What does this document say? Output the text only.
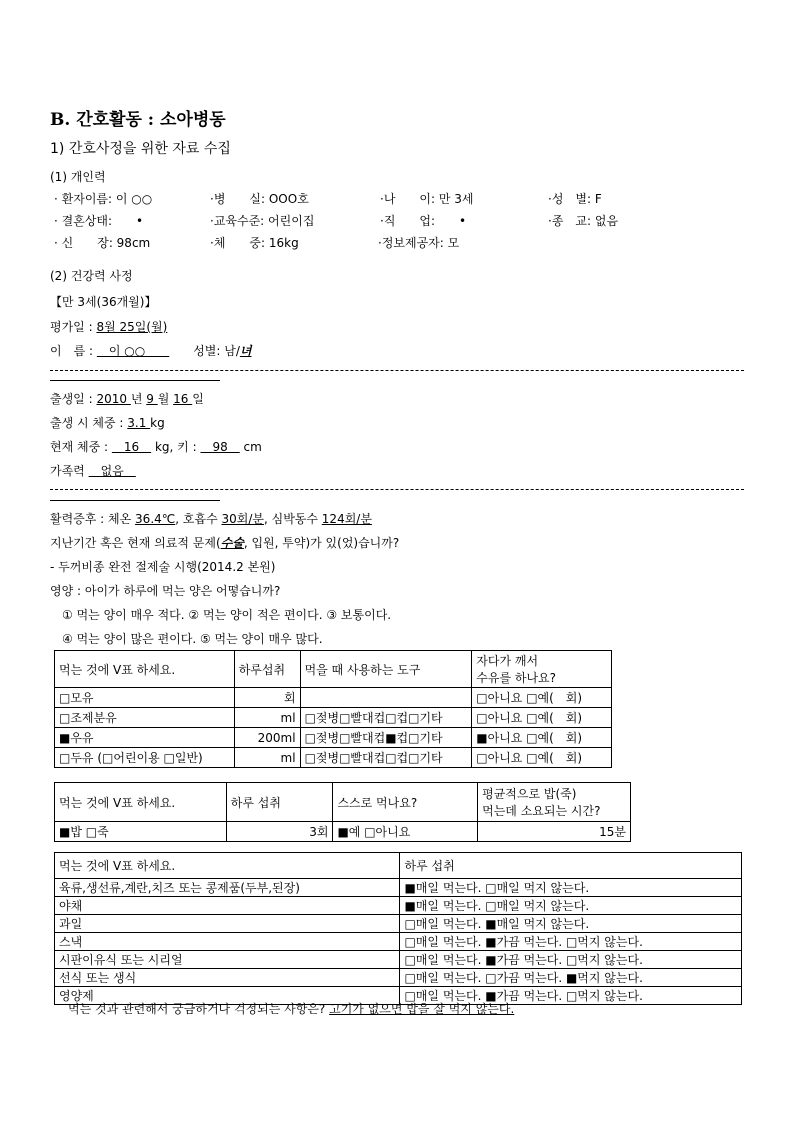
B. 간호활동 : 소아병동
1) 간호사정을 위한 자료 수집
(1) 개인력
· 환자이름: 이 ○○	·병　　실: OOO호	·나　　이: 만 3세	·성　별: F
· 결혼상태:　　•	·교육수준: 어린이집	·직　　업:　　•	·종　교: 없음
· 신　　장: 98cm	·체　　중: 16kg	·정보제공자: 모
(2) 건강력 사정
【만 3세(36개월)】
평가일 : 8월 25일(월)
이　름 : 　이 ○○　　성별: 남/녀
출생일 : 2010 년 9 월 16 일
출생 시 체중 : 3.1 kg
현재 체중 : 　16　 kg, 키 : 　98　 cm
가족력 　없음　
활력증후 : 체온 36.4℃, 호흡수 30회/분, 심박동수 124회/분
지난기간 혹은 현재 의료적 문제(수술, 입원, 투약)가 있(었)습니까?
- 두꺼비종 완전 절제술 시행(2014.2 본원)
영양 : 아이가 하루에 먹는 양은 어떻습니까?
① 먹는 양이 매우 적다. ② 먹는 양이 적은 편이다. ③ 보통이다.
④ 먹는 양이 많은 편이다. ⑤ 먹는 양이 매우 많다.
먹는 것에 V표 하세요.	하루섭취	먹을 때 사용하는 도구	자다가 깨서
수유를 하나요?

□모유	회		□아니요 □예(　회)
□조제분유	ml	□젖병□빨대컵□컵□기타	□아니요 □예(　회)
■우유	200ml	□젖병□빨대컵■컵□기타	■아니요 □예(　회)
□두유 (□어린이용 □일반)	ml	□젖병□빨대컵□컵□기타	□아니요 □예(　회)
먹는 것에 V표 하세요.	하루 섭취	스스로 먹나요?	평균적으로 밥(죽)
먹는데 소요되는 시간?

■밥 □죽	3회	■예 □아니요	15분
먹는 것에 V표 하세요.	하루 섭취
육류,생선류,계란,치즈 또는 콩제품(두부,된장)	■매일 먹는다. □매일 먹지 않는다.
야채	■매일 먹는다. □매일 먹지 않는다.
과일	□매일 먹는다. ■매일 먹지 않는다.
스낵	□매일 먹는다. ■가끔 먹는다. □먹지 않는다.
시판이유식 또는 시리얼	□매일 먹는다. ■가끔 먹는다. □먹지 않는다.
선식 또는 생식	□매일 먹는다. □가끔 먹는다. ■먹지 않는다.
영양제	□매일 먹는다. ■가끔 먹는다. □먹지 않는다.
먹는 것과 관련해서 궁금하거나 걱정되는 사항은? 고기가 없으면 밥을 잘 먹지 않는다.
